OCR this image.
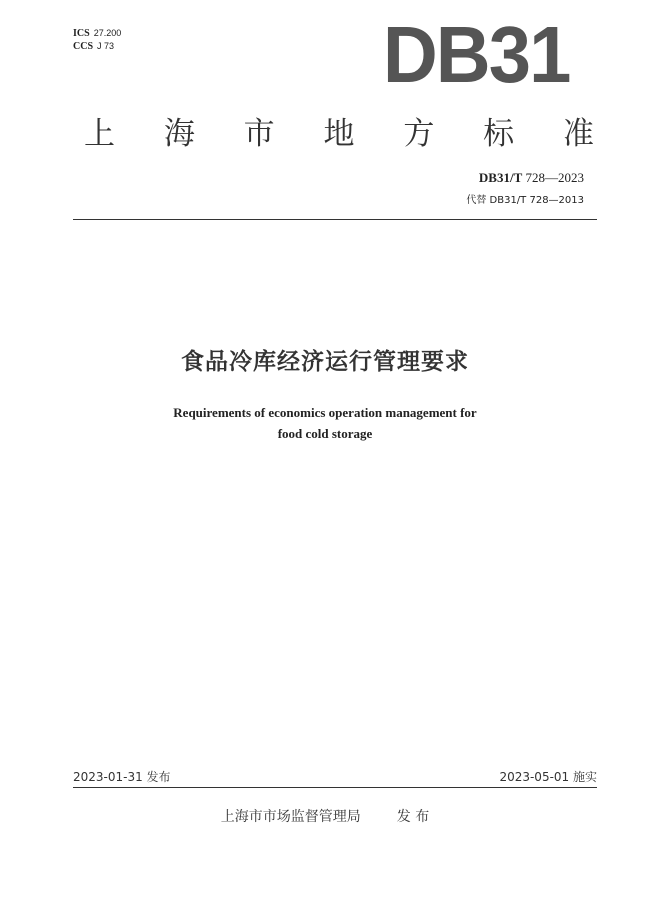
ICS 27.200
CCS J 73	DB31
上 海 市 地 方 标 准
DB31/T 728—2023
代替 DB31/T 728—2013
食品冷库经济运行管理要求
Requirements of economics operation management for
food cold storage
2023-01-31 发布	2023-05-01 施实
上海市市场监督管理局	发 布
